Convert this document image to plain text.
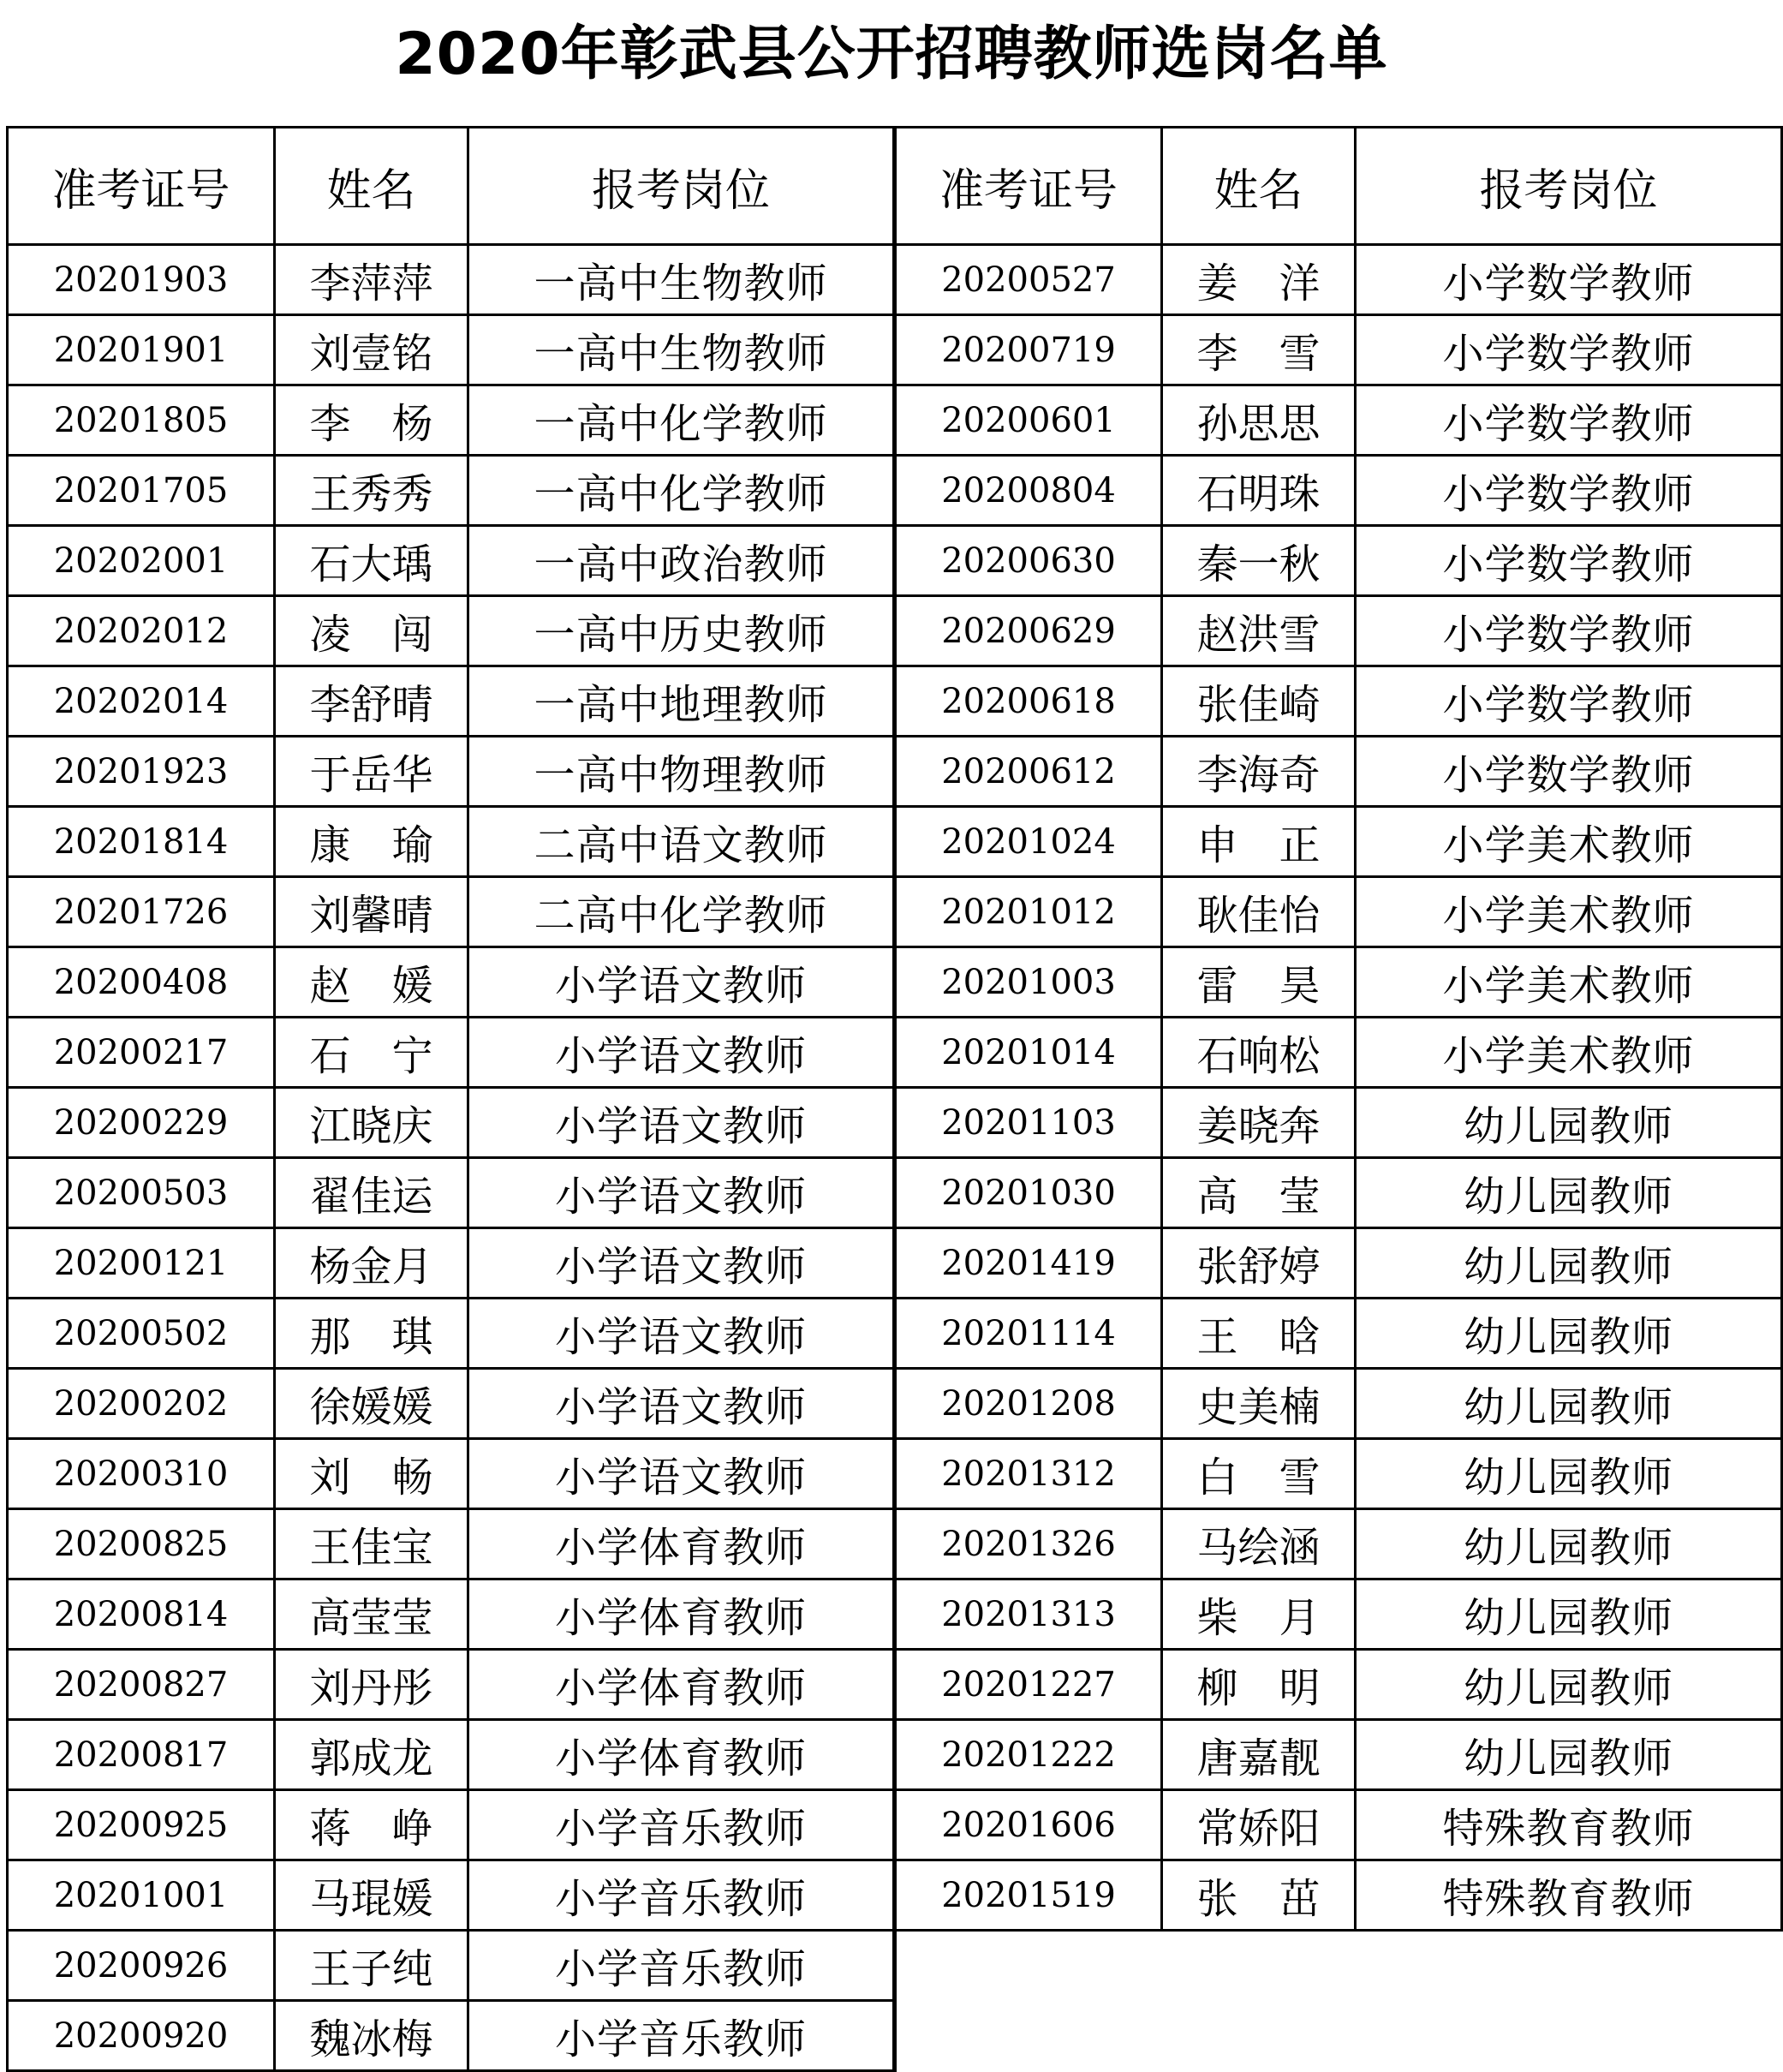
2020年彰武县公开招聘教师选岗名单
准考证号	姓名	报考岗位	准考证号	姓名	报考岗位
20201903	李萍萍	一高中生物教师	20200527	姜　洋	小学数学教师
20201901	刘壹铭	一高中生物教师	20200719	李　雪	小学数学教师
20201805	李　杨	一高中化学教师	20200601	孙思思	小学数学教师
20201705	王秀秀	一高中化学教师	20200804	石明珠	小学数学教师
20202001	石大瑀	一高中政治教师	20200630	秦一秋	小学数学教师
20202012	凌　闯	一高中历史教师	20200629	赵洪雪	小学数学教师
20202014	李舒晴	一高中地理教师	20200618	张佳崎	小学数学教师
20201923	于岳华	一高中物理教师	20200612	李海奇	小学数学教师
20201814	康　瑜	二高中语文教师	20201024	申　正	小学美术教师
20201726	刘馨晴	二高中化学教师	20201012	耿佳怡	小学美术教师
20200408	赵　媛	小学语文教师	20201003	雷　昊	小学美术教师
20200217	石　宁	小学语文教师	20201014	石响松	小学美术教师
20200229	江晓庆	小学语文教师	20201103	姜晓奔	幼儿园教师
20200503	翟佳运	小学语文教师	20201030	高　莹	幼儿园教师
20200121	杨金月	小学语文教师	20201419	张舒婷	幼儿园教师
20200502	那　琪	小学语文教师	20201114	王　晗	幼儿园教师
20200202	徐媛媛	小学语文教师	20201208	史美楠	幼儿园教师
20200310	刘　畅	小学语文教师	20201312	白　雪	幼儿园教师
20200825	王佳宝	小学体育教师	20201326	马绘涵	幼儿园教师
20200814	高莹莹	小学体育教师	20201313	柴　月	幼儿园教师
20200827	刘丹彤	小学体育教师	20201227	柳　明	幼儿园教师
20200817	郭成龙	小学体育教师	20201222	唐嘉靓	幼儿园教师
20200925	蒋　峥	小学音乐教师	20201606	常娇阳	特殊教育教师
20201001	马琨媛	小学音乐教师	20201519	张　茁	特殊教育教师
20200926	王子纯	小学音乐教师			
20200920	魏冰梅	小学音乐教师			
